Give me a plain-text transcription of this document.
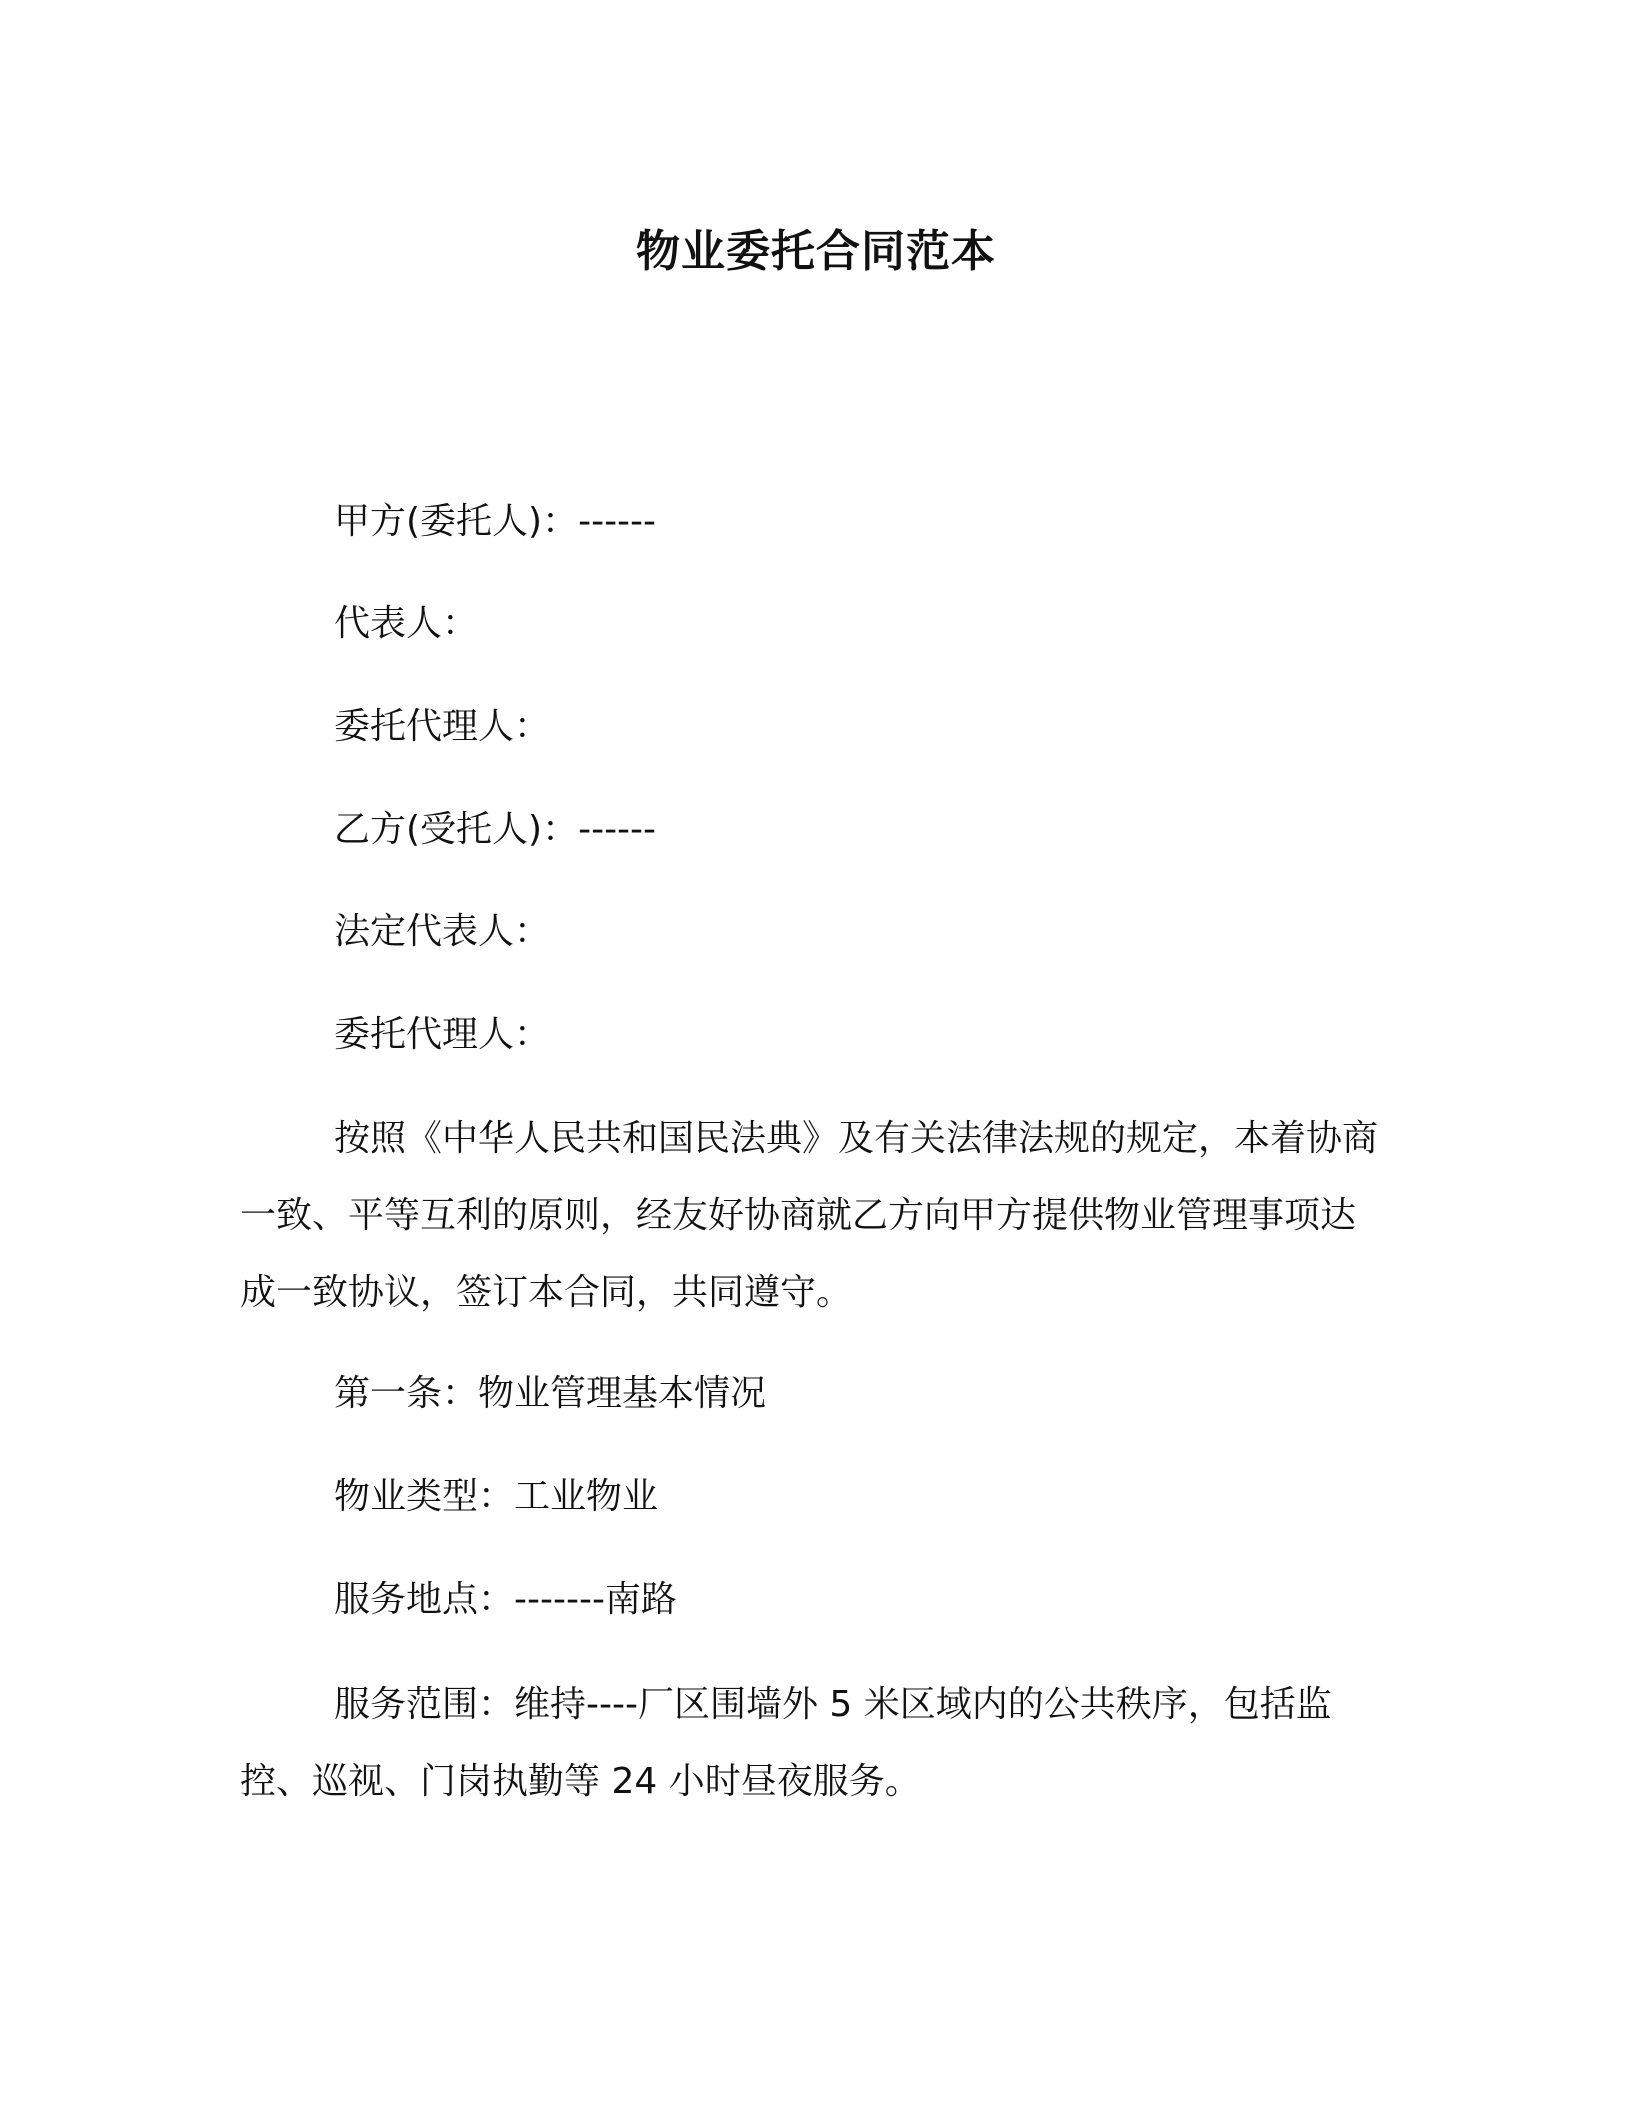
物业委托合同范本

甲方(委托人)：------

代表人：

委托代理人：

乙方(受托人)：------

法定代表人：

委托代理人：

按照《中华人民共和国民法典》及有关法律法规的规定，本着协商一致、平等互利的原则，经友好协商就乙方向甲方提供物业管理事项达成一致协议，签订本合同，共同遵守。

第一条：物业管理基本情况

物业类型：工业物业

服务地点：-------南路

服务范围：维持----厂区围墙外 5 米区域内的公共秩序，包括监控、巡视、门岗执勤等 24 小时昼夜服务。
